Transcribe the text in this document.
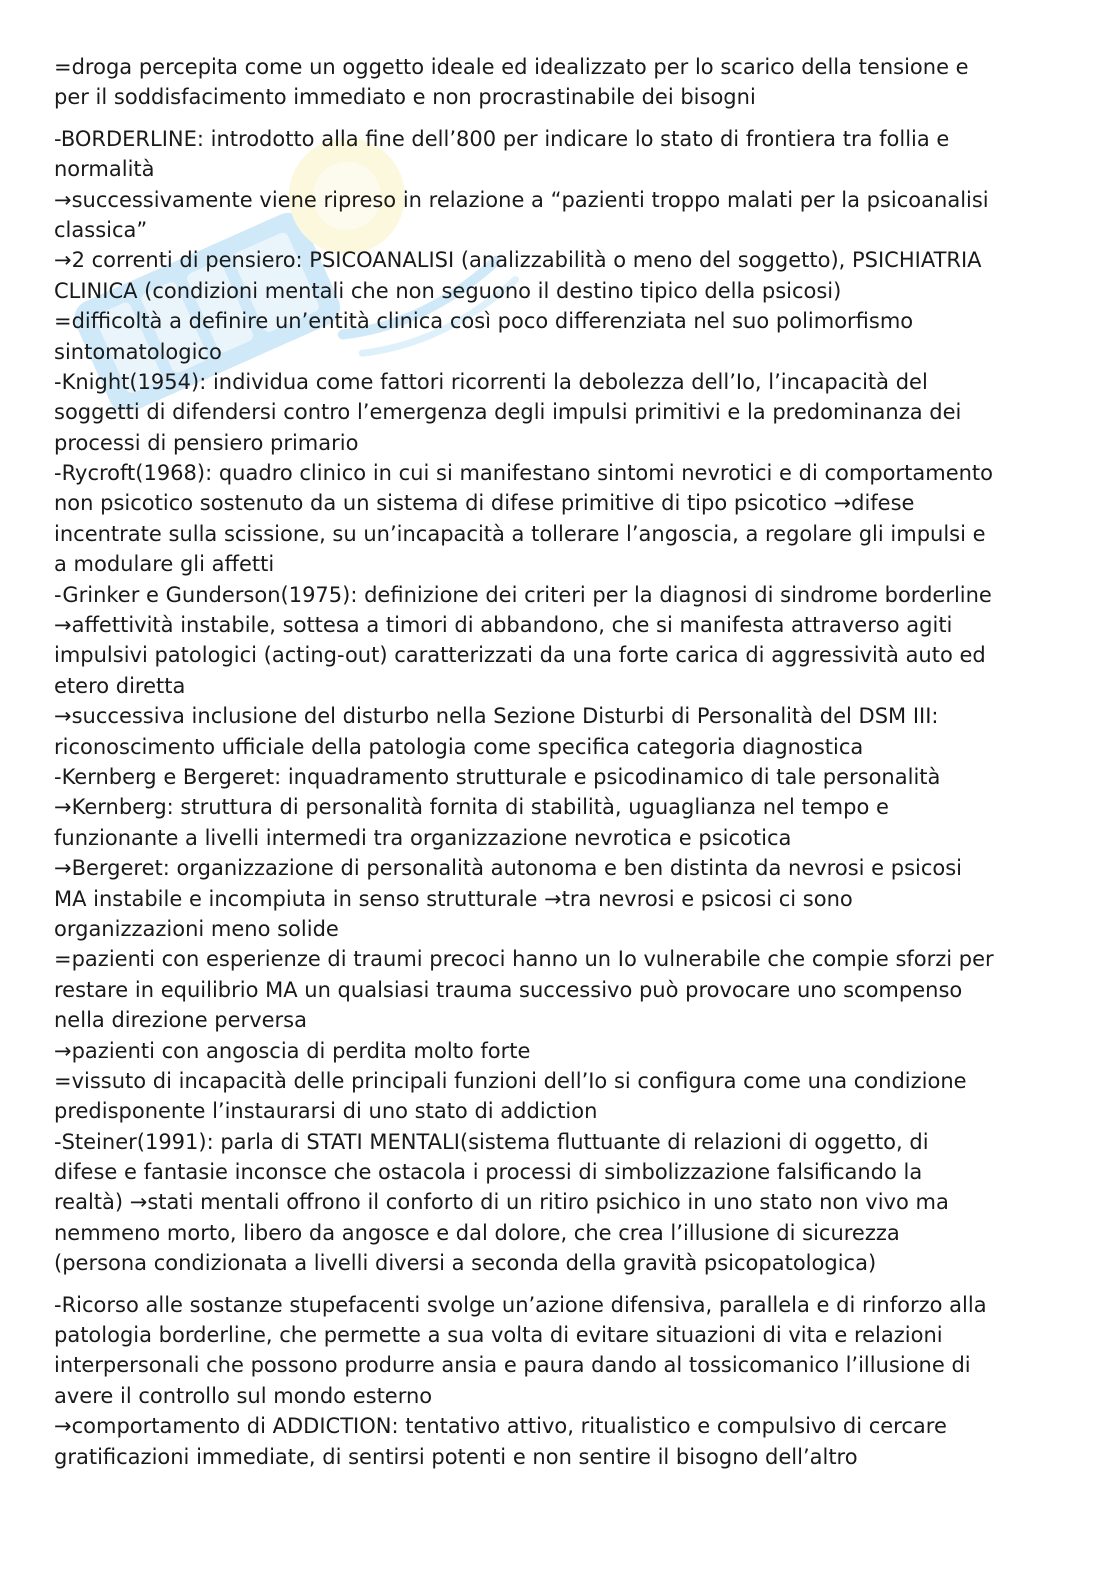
=droga percepita come un oggetto ideale ed idealizzato per lo scarico della tensione e
per il soddisfacimento immediato e non procrastinabile dei bisogni
-BORDERLINE: introdotto alla fine dell’800 per indicare lo stato di frontiera tra follia e
normalità
→successivamente viene ripreso in relazione a “pazienti troppo malati per la psicoanalisi
classica”
→2 correnti di pensiero: PSICOANALISI (analizzabilità o meno del soggetto), PSICHIATRIA
CLINICA (condizioni mentali che non seguono il destino tipico della psicosi)
=difficoltà a definire un’entità clinica così poco differenziata nel suo polimorfismo
sintomatologico
-Knight(1954): individua come fattori ricorrenti la debolezza dell’Io, l’incapacità del
soggetti di difendersi contro l’emergenza degli impulsi primitivi e la predominanza dei
processi di pensiero primario
-Rycroft(1968): quadro clinico in cui si manifestano sintomi nevrotici e di comportamento
non psicotico sostenuto da un sistema di difese primitive di tipo psicotico →difese
incentrate sulla scissione, su un’incapacità a tollerare l’angoscia, a regolare gli impulsi e
a modulare gli affetti
-Grinker e Gunderson(1975): definizione dei criteri per la diagnosi di sindrome borderline
→affettività instabile, sottesa a timori di abbandono, che si manifesta attraverso agiti
impulsivi patologici (acting-out) caratterizzati da una forte carica di aggressività auto ed
etero diretta
→successiva inclusione del disturbo nella Sezione Disturbi di Personalità del DSM III:
riconoscimento ufficiale della patologia come specifica categoria diagnostica
-Kernberg e Bergeret: inquadramento strutturale e psicodinamico di tale personalità
→Kernberg: struttura di personalità fornita di stabilità, uguaglianza nel tempo e
funzionante a livelli intermedi tra organizzazione nevrotica e psicotica
→Bergeret: organizzazione di personalità autonoma e ben distinta da nevrosi e psicosi
MA instabile e incompiuta in senso strutturale →tra nevrosi e psicosi ci sono
organizzazioni meno solide
=pazienti con esperienze di traumi precoci hanno un Io vulnerabile che compie sforzi per
restare in equilibrio MA un qualsiasi trauma successivo può provocare uno scompenso
nella direzione perversa
→pazienti con angoscia di perdita molto forte
=vissuto di incapacità delle principali funzioni dell’Io si configura come una condizione
predisponente l’instaurarsi di uno stato di addiction
-Steiner(1991): parla di STATI MENTALI(sistema fluttuante di relazioni di oggetto, di
difese e fantasie inconsce che ostacola i processi di simbolizzazione falsificando la
realtà) →stati mentali offrono il conforto di un ritiro psichico in uno stato non vivo ma
nemmeno morto, libero da angosce e dal dolore, che crea l’illusione di sicurezza
(persona condizionata a livelli diversi a seconda della gravità psicopatologica)
-Ricorso alle sostanze stupefacenti svolge un’azione difensiva, parallela e di rinforzo alla
patologia borderline, che permette a sua volta di evitare situazioni di vita e relazioni
interpersonali che possono produrre ansia e paura dando al tossicomanico l’illusione di
avere il controllo sul mondo esterno
→comportamento di ADDICTION: tentativo attivo, ritualistico e compulsivo di cercare
gratificazioni immediate, di sentirsi potenti e non sentire il bisogno dell’altro
